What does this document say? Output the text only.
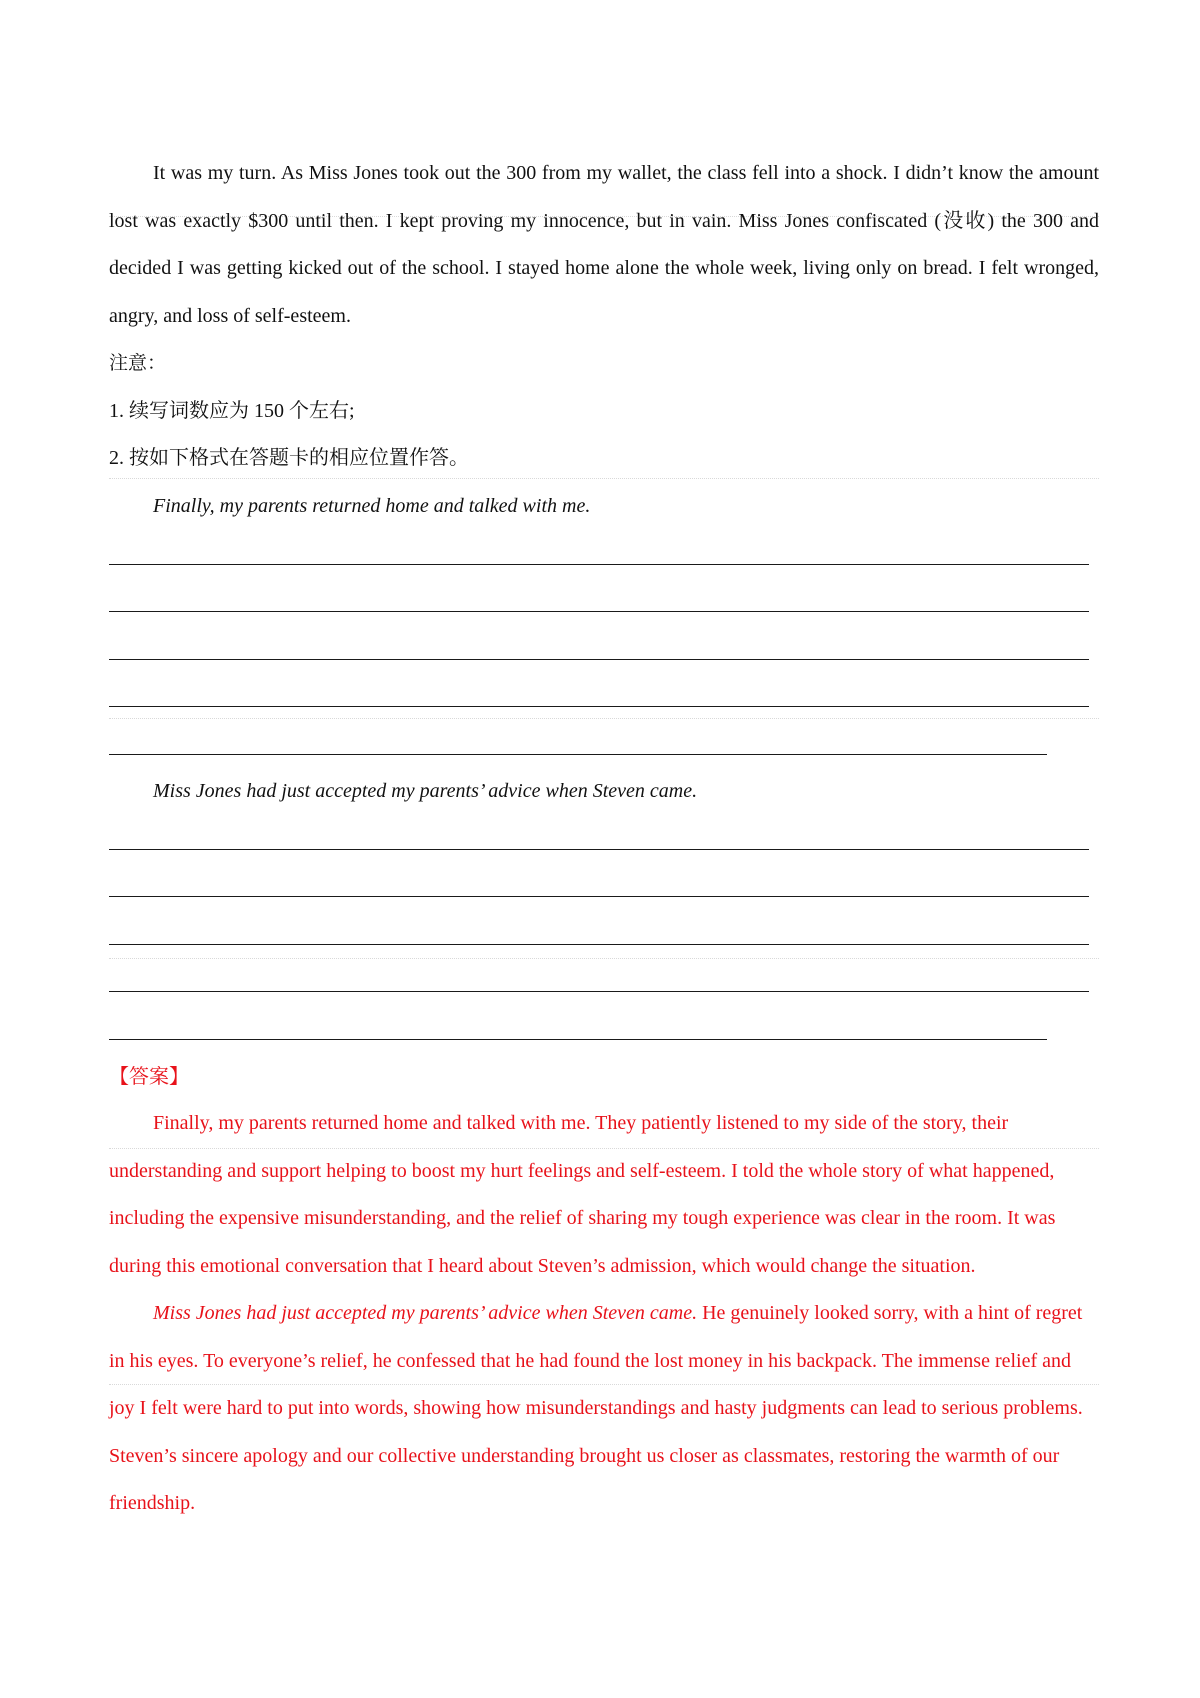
It was my turn. As Miss Jones took out the 300 from my wallet, the class fell into a shock. I didn’t know the amount lost was exactly $300 until then. I kept proving my innocence, but in vain. Miss Jones confiscated (没收) the 300 and decided I was getting kicked out of the school. I stayed home alone the whole week, living only on bread. I felt wronged, angry, and loss of self-esteem.

注意：

1. 续写词数应为 150 个左右;

2. 按如下格式在答题卡的相应位置作答。

Finally, my parents returned home and talked with me.

Miss Jones had just accepted my parents’ advice when Steven came.

【答案】

Finally, my parents returned home and talked with me. They patiently listened to my side of the story, their understanding and support helping to boost my hurt feelings and self-esteem. I told the whole story of what happened, including the expensive misunderstanding, and the relief of sharing my tough experience was clear in the room. It was during this emotional conversation that I heard about Steven’s admission, which would change the situation.

Miss Jones had just accepted my parents’ advice when Steven came. He genuinely looked sorry, with a hint of regret in his eyes. To everyone’s relief, he confessed that he had found the lost money in his backpack. The immense relief and joy I felt were hard to put into words, showing how misunderstandings and hasty judgments can lead to serious problems. Steven’s sincere apology and our collective understanding brought us closer as classmates, restoring the warmth of our friendship.
